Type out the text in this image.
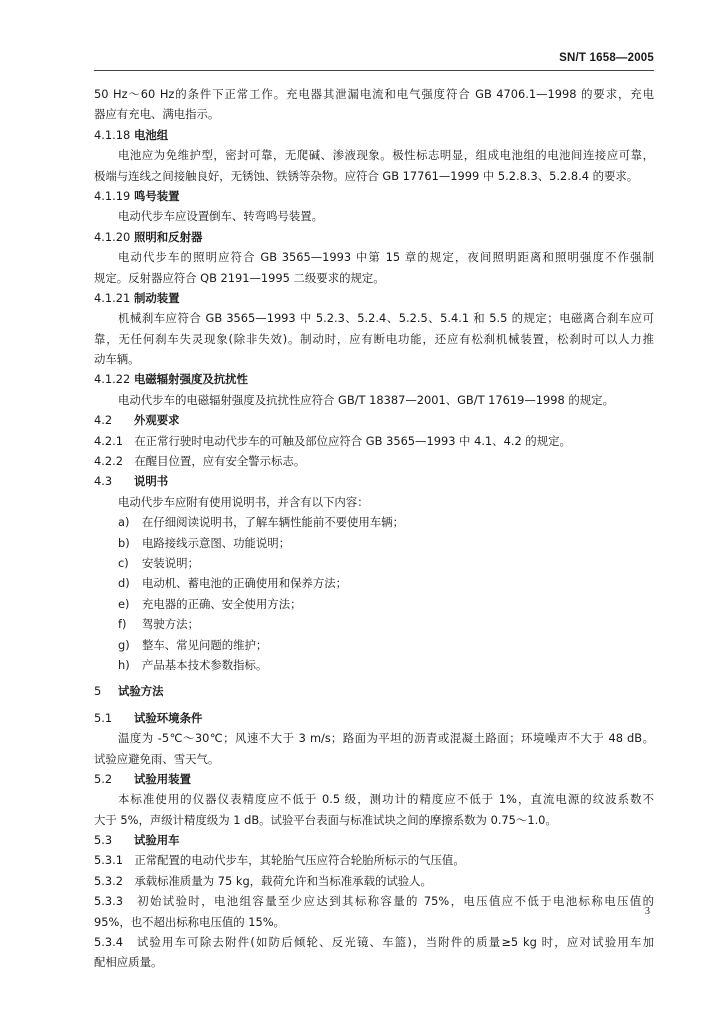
SN/T 1658—2005
50 Hz～60 Hz的条件下正常工作。充电器其泄漏电流和电气强度符合 GB 4706.1—1998 的要求，充电
器应有充电、满电指示。
4.1.18 电池组
电池应为免维护型，密封可靠，无爬碱、渗液现象。极性标志明显，组成电池组的电池间连接应可靠，
极端与连线之间接触良好，无锈蚀、铁锈等杂物。应符合 GB 17761—1999 中 5.2.8.3、5.2.8.4 的要求。
4.1.19 鸣号装置
电动代步车应设置倒车、转弯鸣号装置。
4.1.20 照明和反射器
电动代步车的照明应符合 GB 3565—1993 中第 15 章的规定，夜间照明距离和照明强度不作强制
规定。反射器应符合 QB 2191—1995 二级要求的规定。
4.1.21 制动装置
机械刹车应符合 GB 3565—1993 中 5.2.3、5.2.4、5.2.5、5.4.1 和 5.5 的规定；电磁离合刹车应可
靠，无任何刹车失灵现象(除非失效)。制动时，应有断电功能，还应有松刹机械装置，松刹时可以人力推
动车辆。
4.1.22 电磁辐射强度及抗扰性
电动代步车的电磁辐射强度及抗扰性应符合 GB/T 18387—2001、GB/T 17619—1998 的规定。
4.2 外观要求
4.2.1　在正常行驶时电动代步车的可触及部位应符合 GB 3565—1993 中 4.1、4.2 的规定。
4.2.2　在醒目位置，应有安全警示标志。
4.3 说明书
电动代步车应附有使用说明书，并含有以下内容：
a) 在仔细阅读说明书，了解车辆性能前不要使用车辆；
b) 电路接线示意图、功能说明；
c) 安装说明；
d) 电动机、蓄电池的正确使用和保养方法；
e) 充电器的正确、安全使用方法；
f) 驾驶方法；
g) 整车、常见问题的维护；
h) 产品基本技术参数指标。
5 试验方法
5.1 试验环境条件
温度为 -5℃～30℃；风速不大于 3 m/s；路面为平坦的沥青或混凝土路面；环境噪声不大于 48 dB。
试验应避免雨、雪天气。
5.2 试验用装置
本标准使用的仪器仪表精度应不低于 0.5 级，测功计的精度应不低于 1%，直流电源的纹波系数不
大于 5%，声级计精度级为 1 dB。试验平台表面与标准试块之间的摩擦系数为 0.75～1.0。
5.3 试验用车
5.3.1　正常配置的电动代步车，其轮胎气压应符合轮胎所标示的气压值。
5.3.2　承载标准质量为 75 kg，载荷允许和当标准承载的试验人。
5.3.3　初始试验时，电池组容量至少应达到其标称容量的 75%，电压值应不低于电池标称电压值的
95%，也不超出标称电压值的 15%。
5.3.4　试验用车可除去附件(如防后倾轮、反光镜、车篮)，当附件的质量≥5 kg 时，应对试验用车加
配相应质量。
3
